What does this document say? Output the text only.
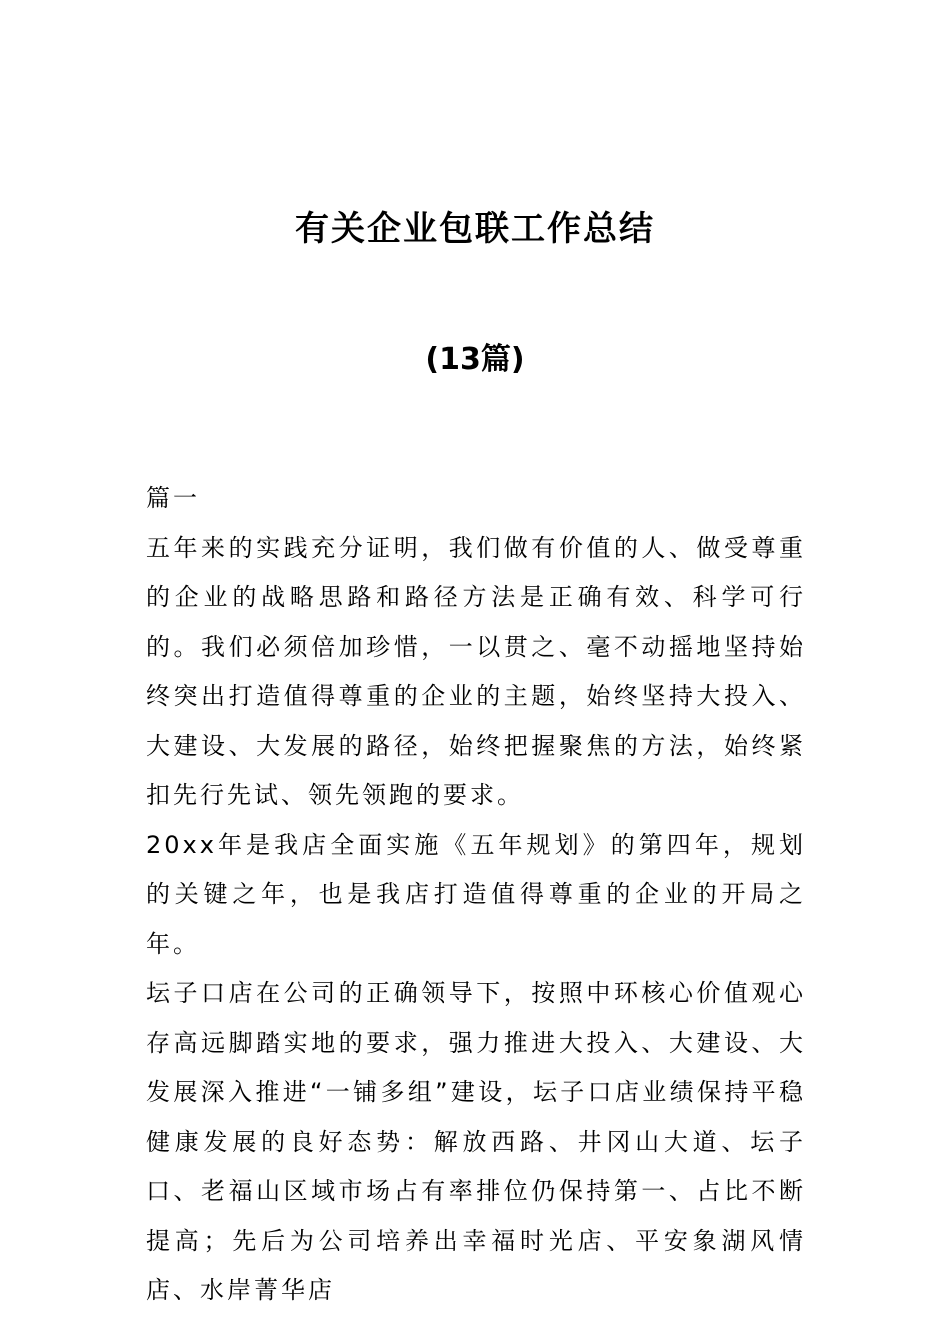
有关企业包联工作总结
(13篇)

篇一

五年来的实践充分证明，我们做有价值的人、做受尊重的企业的战略思路和路径方法是正确有效、科学可行的。我们必须倍加珍惜，一以贯之、毫不动摇地坚持始终突出打造值得尊重的企业的主题，始终坚持大投入、大建设、大发展的路径，始终把握聚焦的方法，始终紧扣先行先试、领先领跑的要求。

20xx年是我店全面实施《五年规划》的第四年，规划的关键之年，也是我店打造值得尊重的企业的开局之年。

坛子口店在公司的正确领导下，按照中环核心价值观心存高远脚踏实地的要求，强力推进大投入、大建设、大发展深入推进“一铺多组”建设，坛子口店业绩保持平稳健康发展的良好态势：解放西路、井冈山大道、坛子口、老福山区域市场占有率排位仍保持第一、占比不断提高；先后为公司培养出幸福时光店、平安象湖风情店、水岸菁华店
